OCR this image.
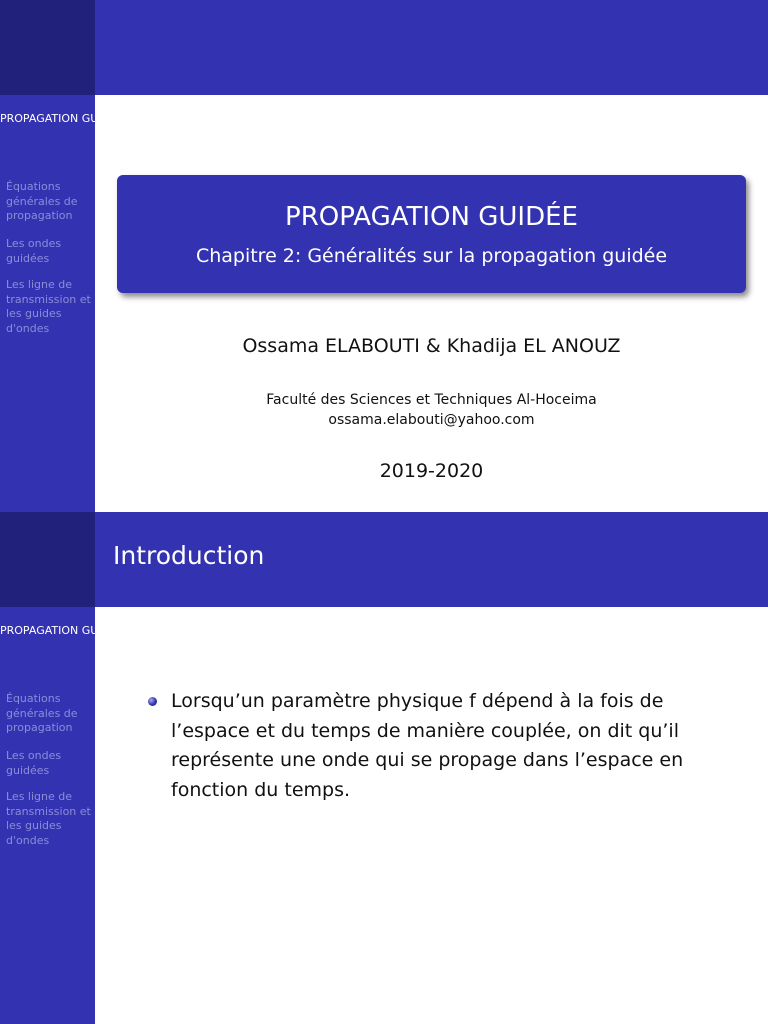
PROPAGATION GUIDÉE
Équations générales de propagation
Les ondes guidées
Les ligne de transmission et les guides d'ondes
PROPAGATION GUIDÉE
Chapitre 2: Généralités sur la propagation guidée
Ossama ELABOUTI & Khadija EL ANOUZ
Faculté des Sciences et Techniques Al-Hoceima
ossama.elabouti@yahoo.com
2019-2020

Introduction
PROPAGATION GUIDÉE
Équations générales de propagation
Les ondes guidées
Les ligne de transmission et les guides d'ondes
Lorsqu’un paramètre physique f dépend à la fois de l’espace et du temps de manière couplée, on dit qu’il représente une onde qui se propage dans l’espace en fonction du temps.
